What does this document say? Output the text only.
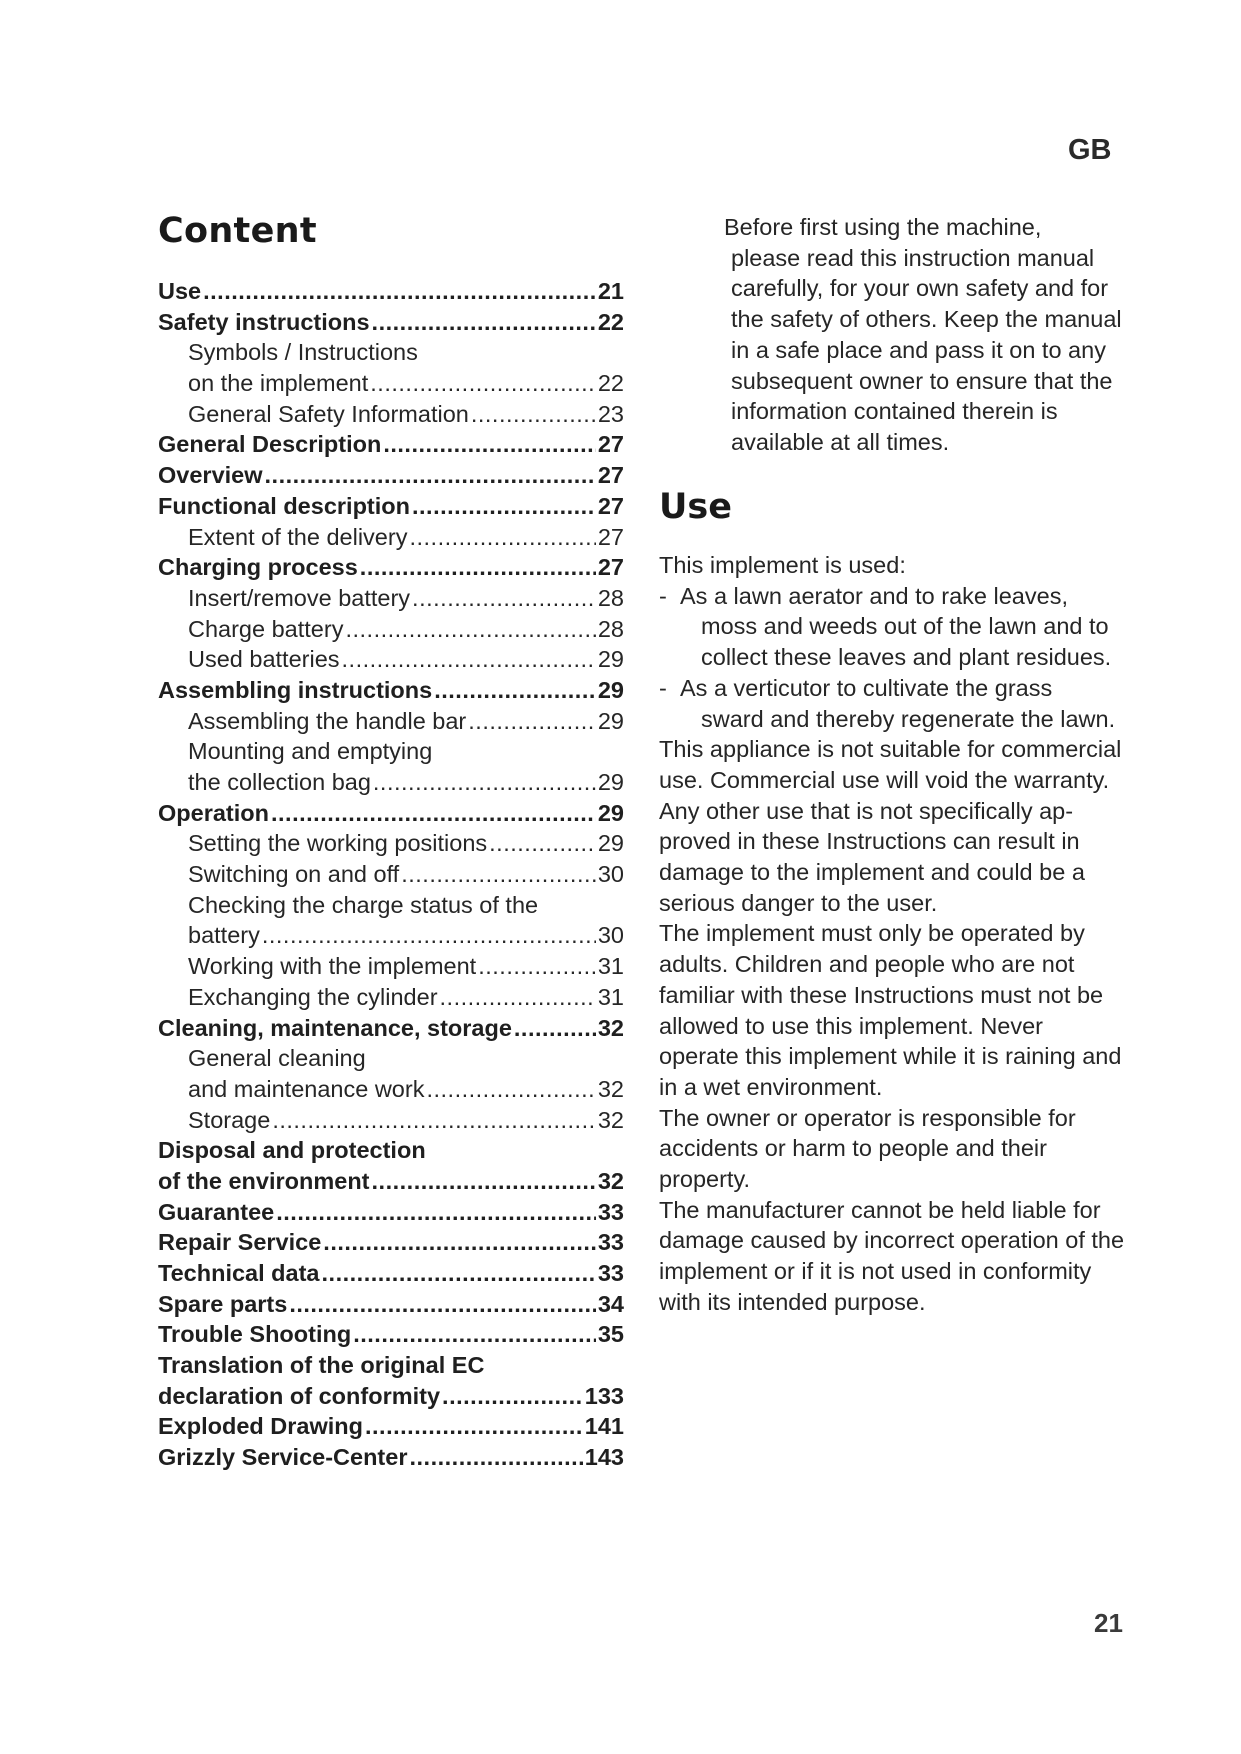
GB
Content
Use .....	21
Safety instructions .....	22
Symbols / Instructions
on the implement .....	22
General Safety Information .....	23
General Description .....	27
Overview .....	27
Functional description .....	27
Extent of the delivery .....	27
Charging process .....	27
Insert/remove battery .....	28
Charge battery .....	28
Used batteries .....	29
Assembling instructions .....	29
Assembling the handle bar .....	29
Mounting and emptying
the collection bag .....	29
Operation .....	29
Setting the working positions .....	29
Switching on and off .....	30
Checking the charge status of the
battery .....	30
Working with the implement .....	31
Exchanging the cylinder .....	31
Cleaning, maintenance, storage .....	32
General cleaning
and maintenance work .....	32
Storage .....	32
Disposal and protection
of the environment .....	32
Guarantee .....	33
Repair Service .....	33
Technical data .....	33
Spare parts .....	34
Trouble Shooting .....	35
Translation of the original EC
declaration of conformity .....	133
Exploded Drawing .....	141
Grizzly Service-Center .....	143

Before first using the machine,
please read this instruction manual carefully, for your own safety and for the safety of others. Keep the manual in a safe place and pass it on to any subsequent owner to ensure that the information contained therein is available at all times.

Use

This implement is used:

- As a lawn aerator and to rake leaves,
moss and weeds out of the lawn and to collect these leaves and plant residues.
- As a verticutor to cultivate the grass
sward and thereby regenerate the lawn.

This appliance is not suitable for commercial use. Commercial use will void the warranty.

Any other use that is not specifically approved in these Instructions can result in damage to the implement and could be a serious danger to the user.

The implement must only be operated by adults. Children and people who are not familiar with these Instructions must not be allowed to use this implement. Never operate this implement while it is raining and in a wet environment.

The owner or operator is responsible for accidents or harm to people and their property.

The manufacturer cannot be held liable for damage caused by incorrect operation of the implement or if it is not used in conformity with its intended purpose.

21
